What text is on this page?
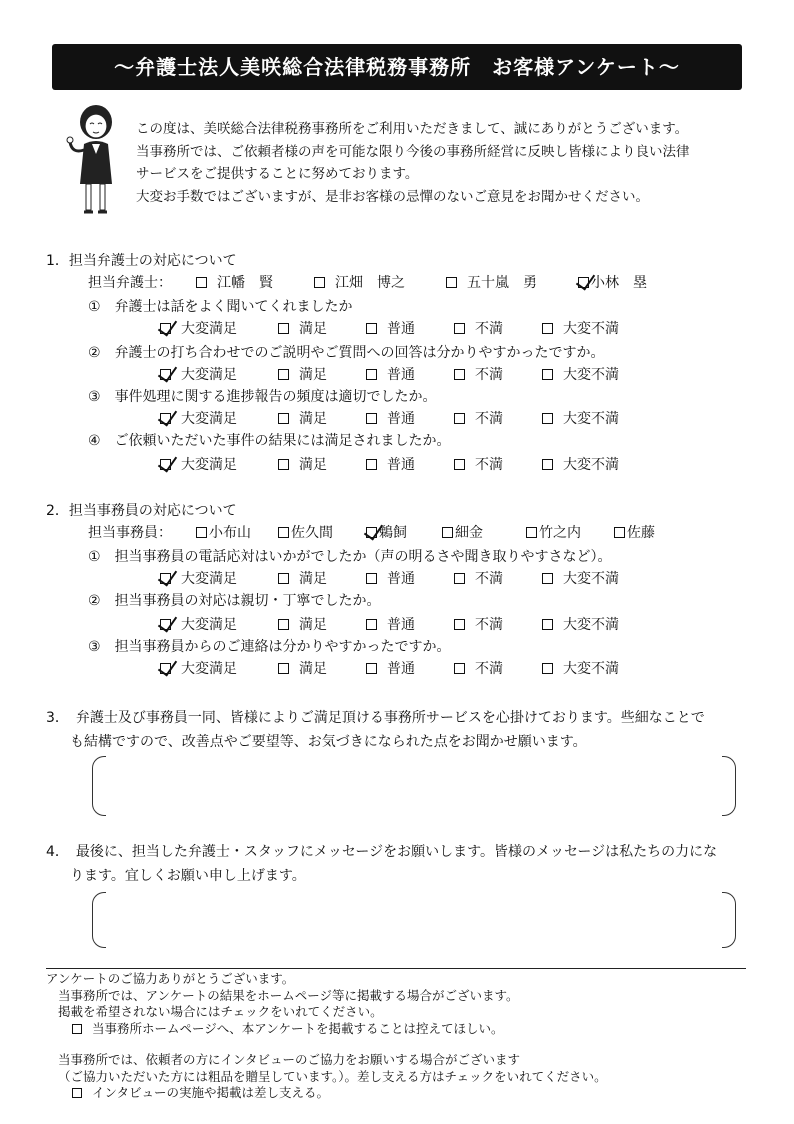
～弁護士法人美咲総合法律税務事務所　お客様アンケート～
この度は、美咲総合法律税務事務所をご利用いただきまして、誠にありがとうございます。
当事務所では、ご依頼者様の声を可能な限り今後の事務所経営に反映し皆様により良い法律
サービスをご提供することに努めております。
大変お手数ではございますが、是非お客様の忌憚のないご意見をお聞かせください。
1．担当弁護士の対応について
担当弁護士：	江幡　賢	江畑　博之	五十嵐　勇	小林　塁
①　 弁護士は話をよく聞いてくれましたか
大変満足	満足	普通	不満	大変不満
②　 弁護士の打ち合わせでのご説明やご質問への回答は分かりやすかったですか。
大変満足	満足	普通	不満	大変不満
③　 事件処理に関する進捗報告の頻度は適切でしたか。
大変満足	満足	普通	不満	大変不満
④　 ご依頼いただいた事件の結果には満足されましたか。
大変満足	満足	普通	不満	大変不満
2．担当事務員の対応について
担当事務員：	小布山	佐久間	鵜飼	細金	竹之内	佐藤
①　 担当事務員の電話応対はいかがでしたか（声の明るさや聞き取りやすさなど）。
大変満足	満足	普通	不満	大変不満
②　 担当事務員の対応は親切・丁寧でしたか。
大変満足	満足	普通	不満	大変不満
③　 担当事務員からのご連絡は分かりやすかったですか。
大変満足	満足	普通	不満	大変不満
3．　弁護士及び事務員一同、皆様によりご満足頂ける事務所サービスを心掛けております。些細なことで
も結構ですので、改善点やご要望等、お気づきになられた点をお聞かせ願います。
4．　最後に、担当した弁護士・スタッフにメッセージをお願いします。皆様のメッセージは私たちの力にな
ります。宜しくお願い申し上げます。
アンケートのご協力ありがとうございます。
当事務所では、アンケートの結果をホームページ等に掲載する場合がございます。
掲載を希望されない場合にはチェックをいれてください。
当事務所ホームページへ、本アンケートを掲載することは控えてほしい。
当事務所では、依頼者の方にインタビューのご協力をお願いする場合がございます
（ご協力いただいた方には粗品を贈呈しています。）。差し支える方はチェックをいれてください。
インタビューの実施や掲載は差し支える。
